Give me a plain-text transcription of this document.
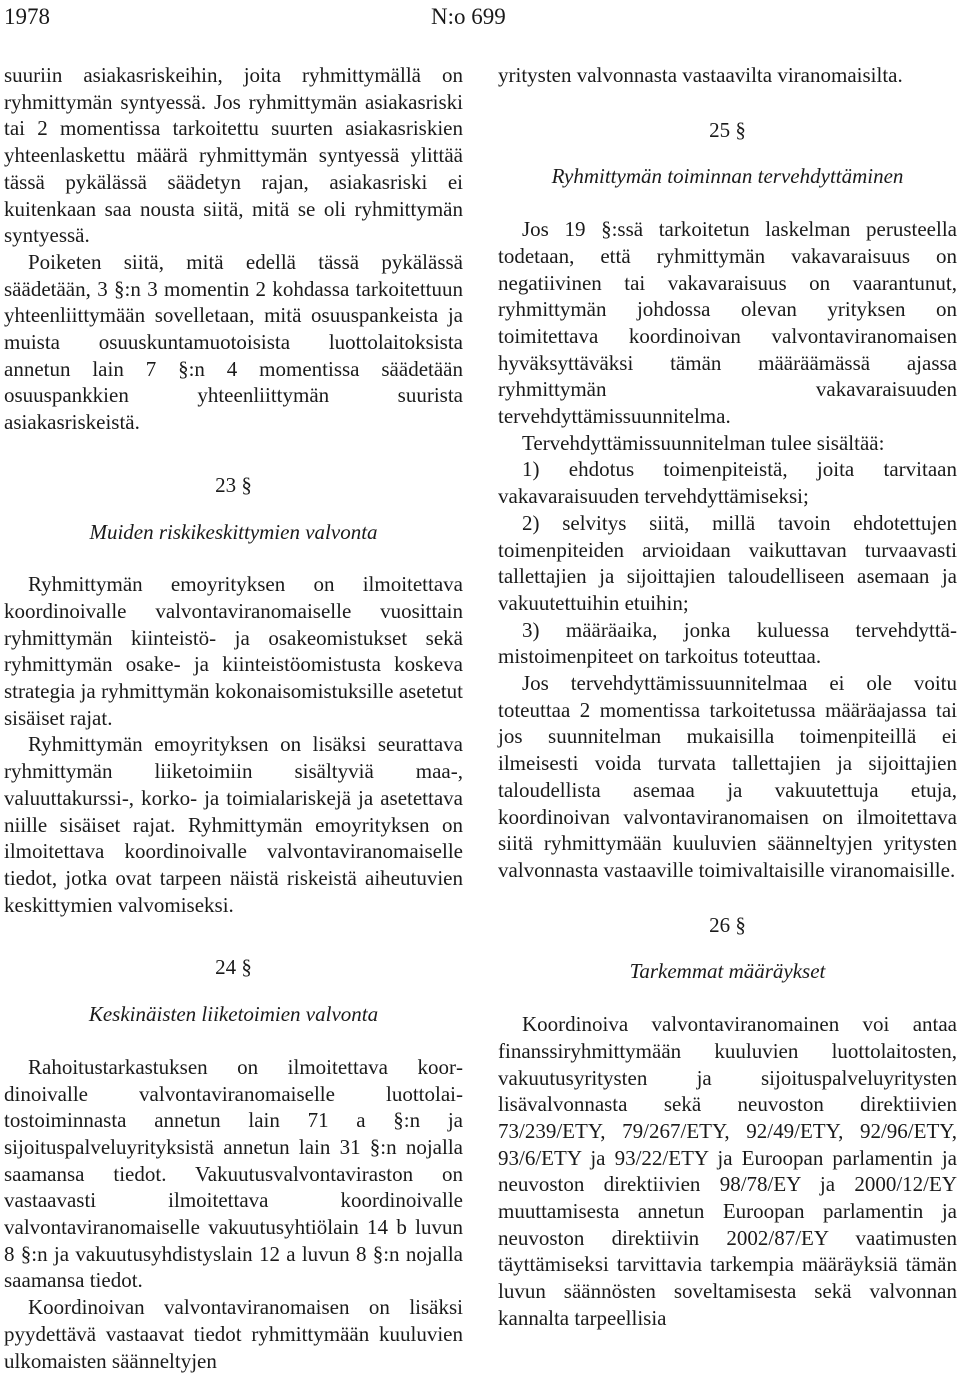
1978	N:o 699

suuriin asiakasriskeihin, joita ryhmittymällä on ryhmittymän syntyessä. Jos ryhmittymän asiakasriski tai 2 momentissa tarkoitettu suurten asiakasriskien yhteenlaskettu määrä ryhmittymän syntyessä ylittää tässä pykälässä säädetyn rajan, asiakasriski ei kuitenkaan saa nousta siitä, mitä se oli ryhmittymän syntyessä.

Poiketen siitä, mitä edellä tässä pykälässä säädetään, 3 §:n 3 momentin 2 kohdassa tarkoitettuun yhteenliittymään sovelletaan, mitä osuuspankeista ja muista osuuskuntamuotoisista luottolaitoksista annetun lain 7 §:n 4 momentissa säädetään osuuspankkien yhteenliittymän suurista asiakasriskeistä.

23 §
Muiden riskikeskittymien valvonta

Ryhmittymän emoyrityksen on ilmoitettava koordinoivalle valvontaviranomaiselle vuosittain ryhmittymän kiinteistö- ja osakeomistukset sekä ryhmittymän osake- ja kiinteistöomistusta koskeva strategia ja ryhmittymän kokonaisomistuksille asetetut sisäiset rajat.

Ryhmittymän emoyrityksen on lisäksi seurattava ryhmittymän liiketoimiin sisältyviä maa-, valuuttakurssi-, korko- ja toimialariskejä ja asetettava niille sisäiset rajat. Ryhmittymän emoyrityksen on ilmoitettava koordinoivalle valvontaviranomaiselle tiedot, jotka ovat tarpeen näistä riskeistä aiheutuvien keskittymien valvomiseksi.

24 §
Keskinäisten liiketoimien valvonta

Rahoitustarkastuksen on ilmoitettava koordinoivalle valvontaviranomaiselle luottolaitostoiminnasta annetun lain 71 a §:n ja sijoituspalveluyrityksistä annetun lain 31 §:n nojalla saamansa tiedot. Vakuutusvalvontaviraston on vastaavasti ilmoitettava koordinoivalle valvontaviranomaiselle vakuutusyhtiölain 14 b luvun 8 §:n ja vakuutusyhdistyslain 12 a luvun 8 §:n nojalla saamansa tiedot.

Koordinoivan valvontaviranomaisen on lisäksi pyydettävä vastaavat tiedot ryhmittymään kuuluvien ulkomaisten säänneltyjen

yritysten valvonnasta vastaavilta viranomaisilta.

25 §
Ryhmittymän toiminnan tervehdyttäminen

Jos 19 §:ssä tarkoitetun laskelman perusteella todetaan, että ryhmittymän vakavaraisuus on negatiivinen tai vakavaraisuus on vaarantunut, ryhmittymän johdossa olevan yrityksen on toimitettava koordinoivan valvontaviranomaisen hyväksyttäväksi tämän määräämässä ajassa ryhmittymän vakavaraisuuden tervehdyttämissuunnitelma.

Tervehdyttämissuunnitelman tulee sisältää:

1) ehdotus toimenpiteistä, joita tarvitaan vakavaraisuuden tervehdyttämiseksi;

2) selvitys siitä, millä tavoin ehdotettujen toimenpiteiden arvioidaan vaikuttavan turvaavasti tallettajien ja sijoittajien taloudelliseen asemaan ja vakuutettuihin etuihin;

3) määräaika, jonka kuluessa tervehdyttämistoimenpiteet on tarkoitus toteuttaa.

Jos tervehdyttämissuunnitelmaa ei ole voitu toteuttaa 2 momentissa tarkoitetussa määräajassa tai jos suunnitelman mukaisilla toimenpiteillä ei ilmeisesti voida turvata tallettajien ja sijoittajien taloudellista asemaa ja vakuutettuja etuja, koordinoivan valvontaviranomaisen on ilmoitettava siitä ryhmittymään kuuluvien säänneltyjen yritysten valvonnasta vastaaville toimivaltaisille viranomaisille.

26 §
Tarkemmat määräykset

Koordinoiva valvontaviranomainen voi antaa finanssiryhmittymään kuuluvien luottolaitosten, vakuutusyritysten ja sijoituspalveluyritysten lisävalvonnasta sekä neuvoston direktiivien 73/239/ETY, 79/267/ETY, 92/49/ETY, 92/96/ETY, 93/6/ETY ja 93/22/ETY ja Euroopan parlamentin ja neuvoston direktiivien 98/78/EY ja 2000/12/EY muuttamisesta annetun Euroopan parlamentin ja neuvoston direktiivin 2002/87/EY vaatimusten täyttämiseksi tarvittavia tarkempia määräyksiä tämän luvun säännösten soveltamisesta sekä valvonnan kannalta tarpeellisia
